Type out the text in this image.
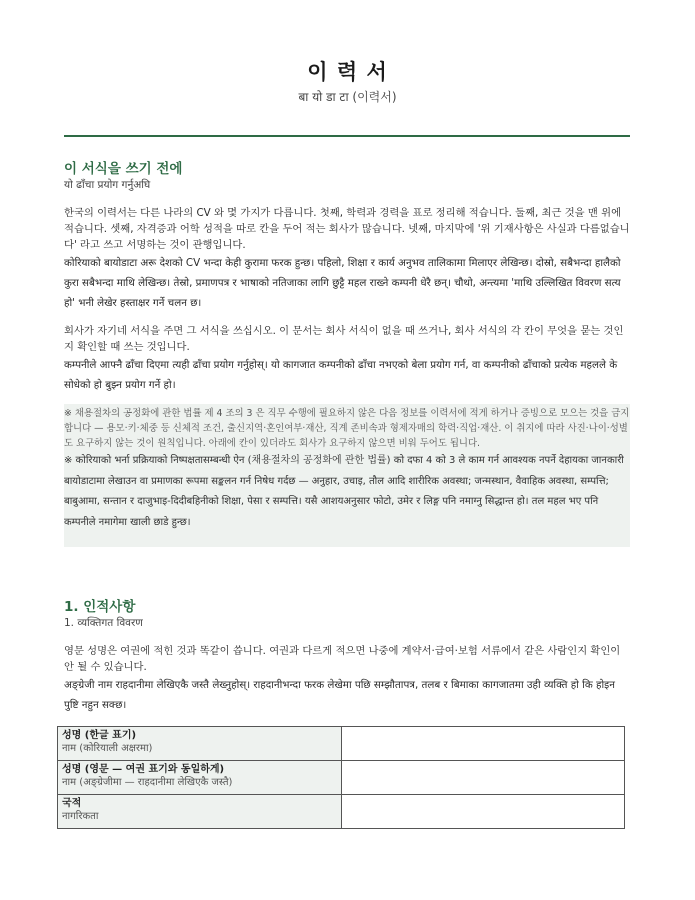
이 력 서
बा यो डा टा (이력서)
이 서식을 쓰기 전에
यो ढाँचा प्रयोग गर्नुअघि
한국의 이력서는 다른 나라의 CV 와 몇 가지가 다릅니다. 첫째, 학력과 경력을 표로 정리해 적습니다. 둘째, 최근 것을 맨 위에 적습니다. 셋째, 자격증과 어학 성적을 따로 칸을 두어 적는 회사가 많습니다. 넷째, 마지막에 '위 기재사항은 사실과 다름없습니다' 라고 쓰고 서명하는 것이 관행입니다.
कोरियाको बायोडाटा अरू देशको CV भन्दा केही कुरामा फरक हुन्छ। पहिलो, शिक्षा र कार्य अनुभव तालिकामा मिलाएर लेखिन्छ। दोस्रो, सबैभन्दा हालैको कुरा सबैभन्दा माथि लेखिन्छ। तेस्रो, प्रमाणपत्र र भाषाको नतिजाका लागि छुट्टै महल राख्ने कम्पनी धेरै छन्। चौथो, अन्त्यमा 'माथि उल्लिखित विवरण सत्य हो' भनी लेखेर हस्ताक्षर गर्ने चलन छ।
회사가 자기네 서식을 주면 그 서식을 쓰십시오. 이 문서는 회사 서식이 없을 때 쓰거나, 회사 서식의 각 칸이 무엇을 묻는 것인지 확인할 때 쓰는 것입니다.
कम्पनीले आफ्नै ढाँचा दिएमा त्यही ढाँचा प्रयोग गर्नुहोस्। यो कागजात कम्पनीको ढाँचा नभएको बेला प्रयोग गर्न, वा कम्पनीको ढाँचाको प्रत्येक महलले के सोधेको हो बुझ्न प्रयोग गर्ने हो।
※ 채용절차의 공정화에 관한 법률 제 4 조의 3 은 직무 수행에 필요하지 않은 다음 정보를 이력서에 적게 하거나 증빙으로 모으는 것을 금지합니다 — 용모·키·체중 등 신체적 조건, 출신지역·혼인여부·재산, 직계 존비속과 형제자매의 학력·직업·재산. 이 취지에 따라 사진·나이·성별도 요구하지 않는 것이 원칙입니다. 아래에 칸이 있더라도 회사가 요구하지 않으면 비워 두어도 됩니다.
※ कोरियाको भर्ना प्रक्रियाको निष्पक्षतासम्बन्धी ऐन (채용절차의 공정화에 관한 법률) को दफा 4 को 3 ले काम गर्न आवश्यक नपर्ने देहायका जानकारी बायोडाटामा लेखाउन वा प्रमाणका रूपमा सङ्कलन गर्न निषेध गर्दछ — अनुहार, उचाइ, तौल आदि शारीरिक अवस्था; जन्मस्थान, वैवाहिक अवस्था, सम्पत्ति; बाबुआमा, सन्तान र दाजुभाइ-दिदीबहिनीको शिक्षा, पेसा र सम्पत्ति। यसै आशयअनुसार फोटो, उमेर र लिङ्ग पनि नमाग्नु सिद्धान्त हो। तल महल भए पनि कम्पनीले नमागेमा खाली छाडे हुन्छ।
1. 인적사항
1. व्यक्तिगत विवरण
영문 성명은 여권에 적힌 것과 똑같이 씁니다. 여권과 다르게 적으면 나중에 계약서·급여·보험 서류에서 같은 사람인지 확인이 안 될 수 있습니다.
अङ्ग्रेजी नाम राहदानीमा लेखिएकै जस्तै लेख्नुहोस्। राहदानीभन्दा फरक लेखेमा पछि सम्झौतापत्र, तलब र बिमाका कागजातमा उही व्यक्ति हो कि होइन पुष्टि नहुन सक्छ।
성명 (한글 표기)
नाम (कोरियाली अक्षरमा)	

성명 (영문 — 여권 표기와 동일하게)
नाम (अङ्ग्रेजीमा — राहदानीमा लेखिएकै जस्तै)	

국적
नागरिकता	
